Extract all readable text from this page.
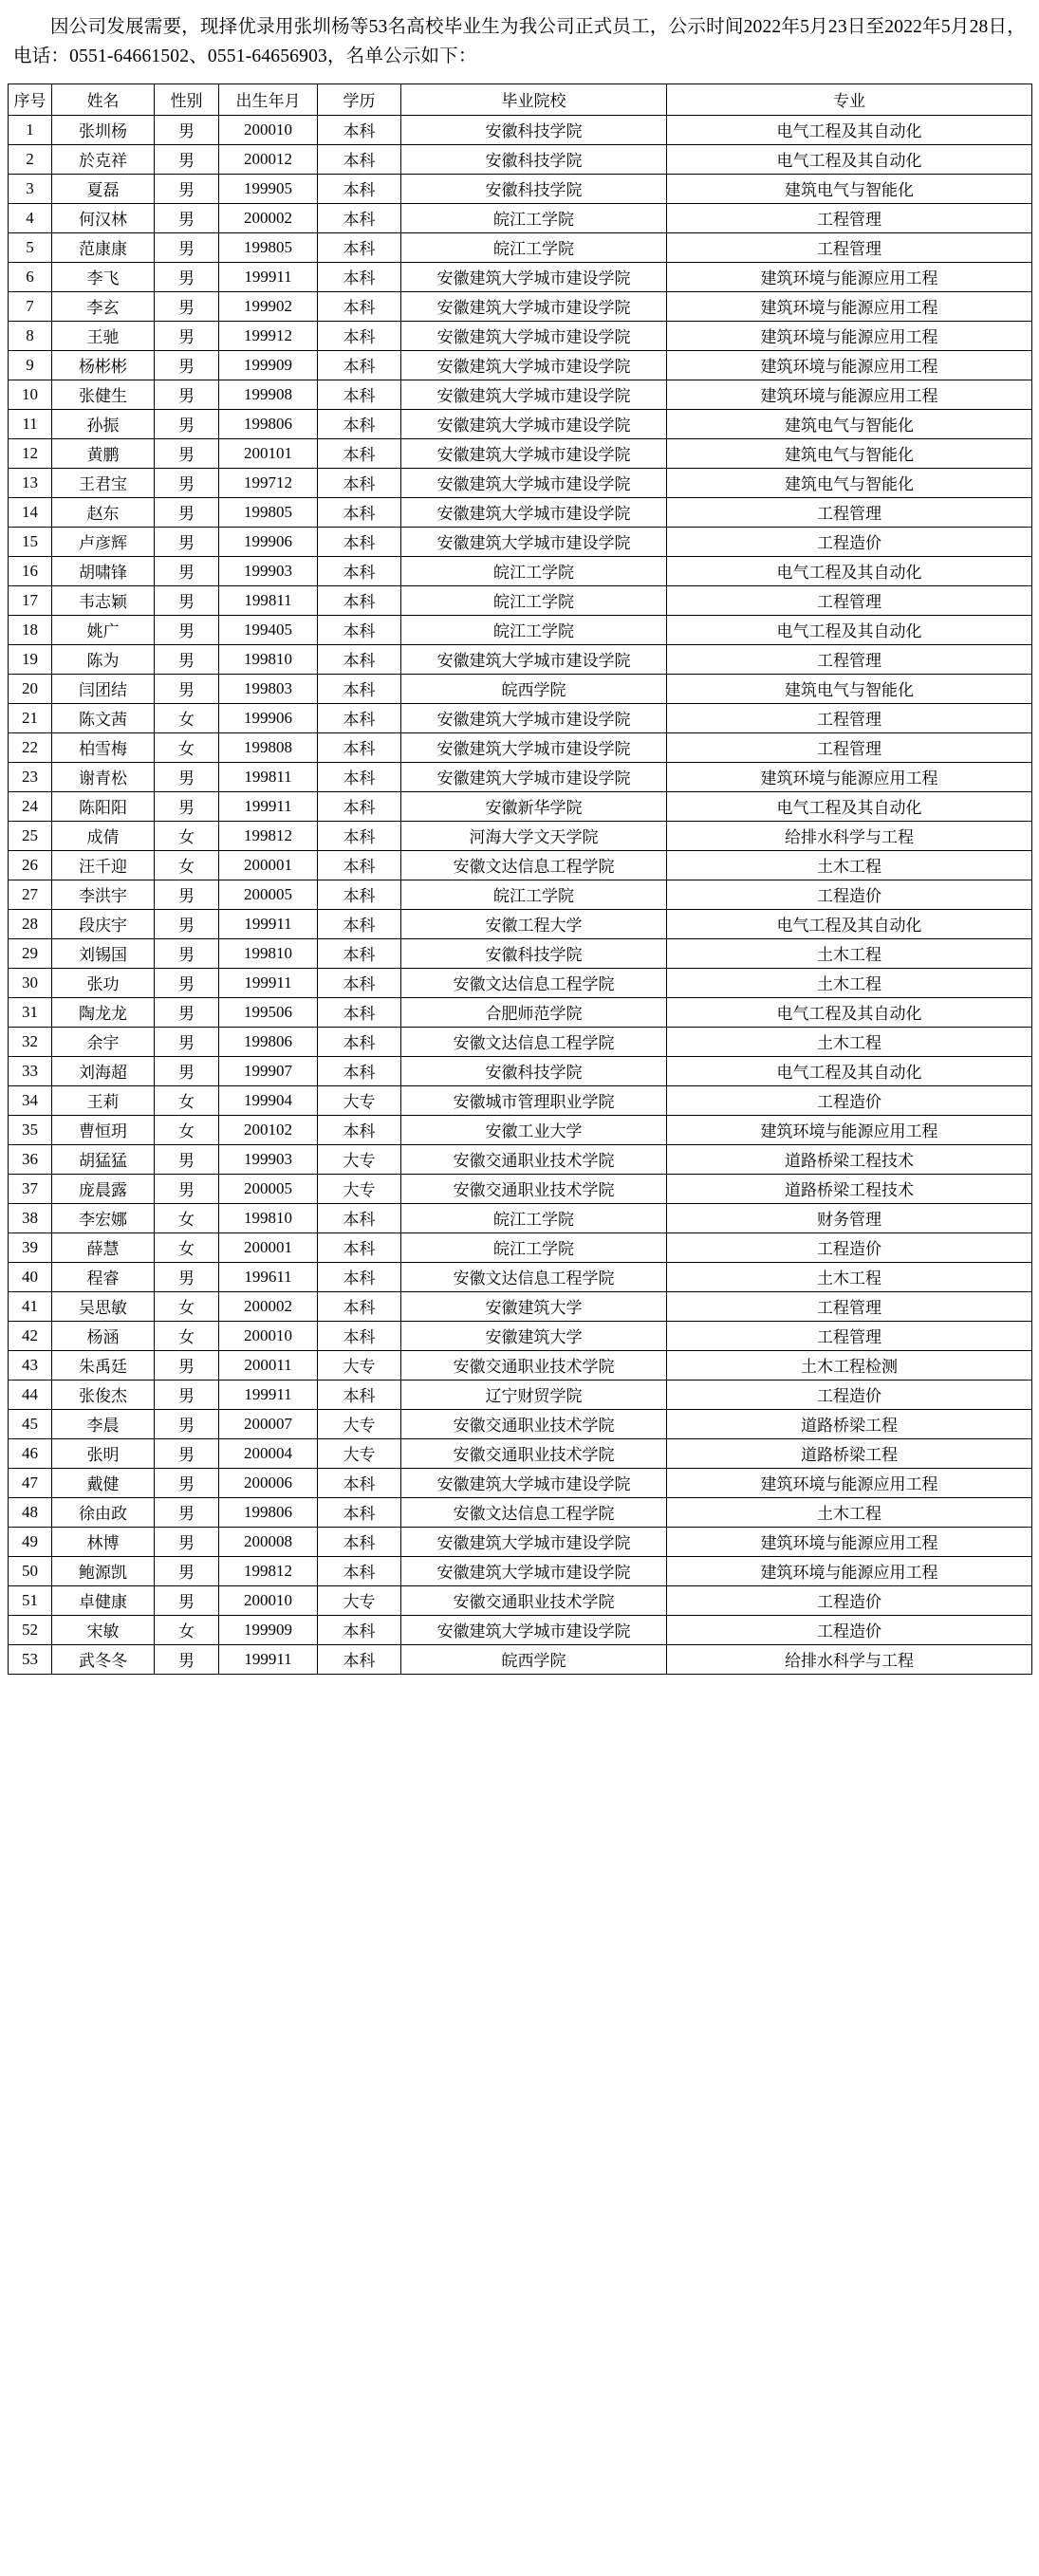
因公司发展需要，现择优录用张圳杨等53名高校毕业生为我公司正式员工，公示时间2022年5月23日至2022年5月28日，电话：0551-64661502、0551-64656903，名单公示如下：

序号	姓名	性别	出生年月	学历	毕业院校	专业
1	张圳杨	男	200010	本科	安徽科技学院	电气工程及其自动化
2	於克祥	男	200012	本科	安徽科技学院	电气工程及其自动化
3	夏磊	男	199905	本科	安徽科技学院	建筑电气与智能化
4	何汉林	男	200002	本科	皖江工学院	工程管理
5	范康康	男	199805	本科	皖江工学院	工程管理
6	李飞	男	199911	本科	安徽建筑大学城市建设学院	建筑环境与能源应用工程
7	李玄	男	199902	本科	安徽建筑大学城市建设学院	建筑环境与能源应用工程
8	王驰	男	199912	本科	安徽建筑大学城市建设学院	建筑环境与能源应用工程
9	杨彬彬	男	199909	本科	安徽建筑大学城市建设学院	建筑环境与能源应用工程
10	张健生	男	199908	本科	安徽建筑大学城市建设学院	建筑环境与能源应用工程
11	孙振	男	199806	本科	安徽建筑大学城市建设学院	建筑电气与智能化
12	黄鹏	男	200101	本科	安徽建筑大学城市建设学院	建筑电气与智能化
13	王君宝	男	199712	本科	安徽建筑大学城市建设学院	建筑电气与智能化
14	赵东	男	199805	本科	安徽建筑大学城市建设学院	工程管理
15	卢彦辉	男	199906	本科	安徽建筑大学城市建设学院	工程造价
16	胡啸锋	男	199903	本科	皖江工学院	电气工程及其自动化
17	韦志颖	男	199811	本科	皖江工学院	工程管理
18	姚广	男	199405	本科	皖江工学院	电气工程及其自动化
19	陈为	男	199810	本科	安徽建筑大学城市建设学院	工程管理
20	闫团结	男	199803	本科	皖西学院	建筑电气与智能化
21	陈文茜	女	199906	本科	安徽建筑大学城市建设学院	工程管理
22	柏雪梅	女	199808	本科	安徽建筑大学城市建设学院	工程管理
23	谢青松	男	199811	本科	安徽建筑大学城市建设学院	建筑环境与能源应用工程
24	陈阳阳	男	199911	本科	安徽新华学院	电气工程及其自动化
25	成倩	女	199812	本科	河海大学文天学院	给排水科学与工程
26	汪千迎	女	200001	本科	安徽文达信息工程学院	土木工程
27	李洪宇	男	200005	本科	皖江工学院	工程造价
28	段庆宇	男	199911	本科	安徽工程大学	电气工程及其自动化
29	刘锡国	男	199810	本科	安徽科技学院	土木工程
30	张功	男	199911	本科	安徽文达信息工程学院	土木工程
31	陶龙龙	男	199506	本科	合肥师范学院	电气工程及其自动化
32	余宇	男	199806	本科	安徽文达信息工程学院	土木工程
33	刘海超	男	199907	本科	安徽科技学院	电气工程及其自动化
34	王莉	女	199904	大专	安徽城市管理职业学院	工程造价
35	曹恒玥	女	200102	本科	安徽工业大学	建筑环境与能源应用工程
36	胡猛猛	男	199903	大专	安徽交通职业技术学院	道路桥梁工程技术
37	庞晨露	男	200005	大专	安徽交通职业技术学院	道路桥梁工程技术
38	李宏娜	女	199810	本科	皖江工学院	财务管理
39	薛慧	女	200001	本科	皖江工学院	工程造价
40	程睿	男	199611	本科	安徽文达信息工程学院	土木工程
41	吴思敏	女	200002	本科	安徽建筑大学	工程管理
42	杨涵	女	200010	本科	安徽建筑大学	工程管理
43	朱禹廷	男	200011	大专	安徽交通职业技术学院	土木工程检测
44	张俊杰	男	199911	本科	辽宁财贸学院	工程造价
45	李晨	男	200007	大专	安徽交通职业技术学院	道路桥梁工程
46	张明	男	200004	大专	安徽交通职业技术学院	道路桥梁工程
47	戴健	男	200006	本科	安徽建筑大学城市建设学院	建筑环境与能源应用工程
48	徐由政	男	199806	本科	安徽文达信息工程学院	土木工程
49	林博	男	200008	本科	安徽建筑大学城市建设学院	建筑环境与能源应用工程
50	鲍源凯	男	199812	本科	安徽建筑大学城市建设学院	建筑环境与能源应用工程
51	卓健康	男	200010	大专	安徽交通职业技术学院	工程造价
52	宋敏	女	199909	本科	安徽建筑大学城市建设学院	工程造价
53	武冬冬	男	199911	本科	皖西学院	给排水科学与工程
